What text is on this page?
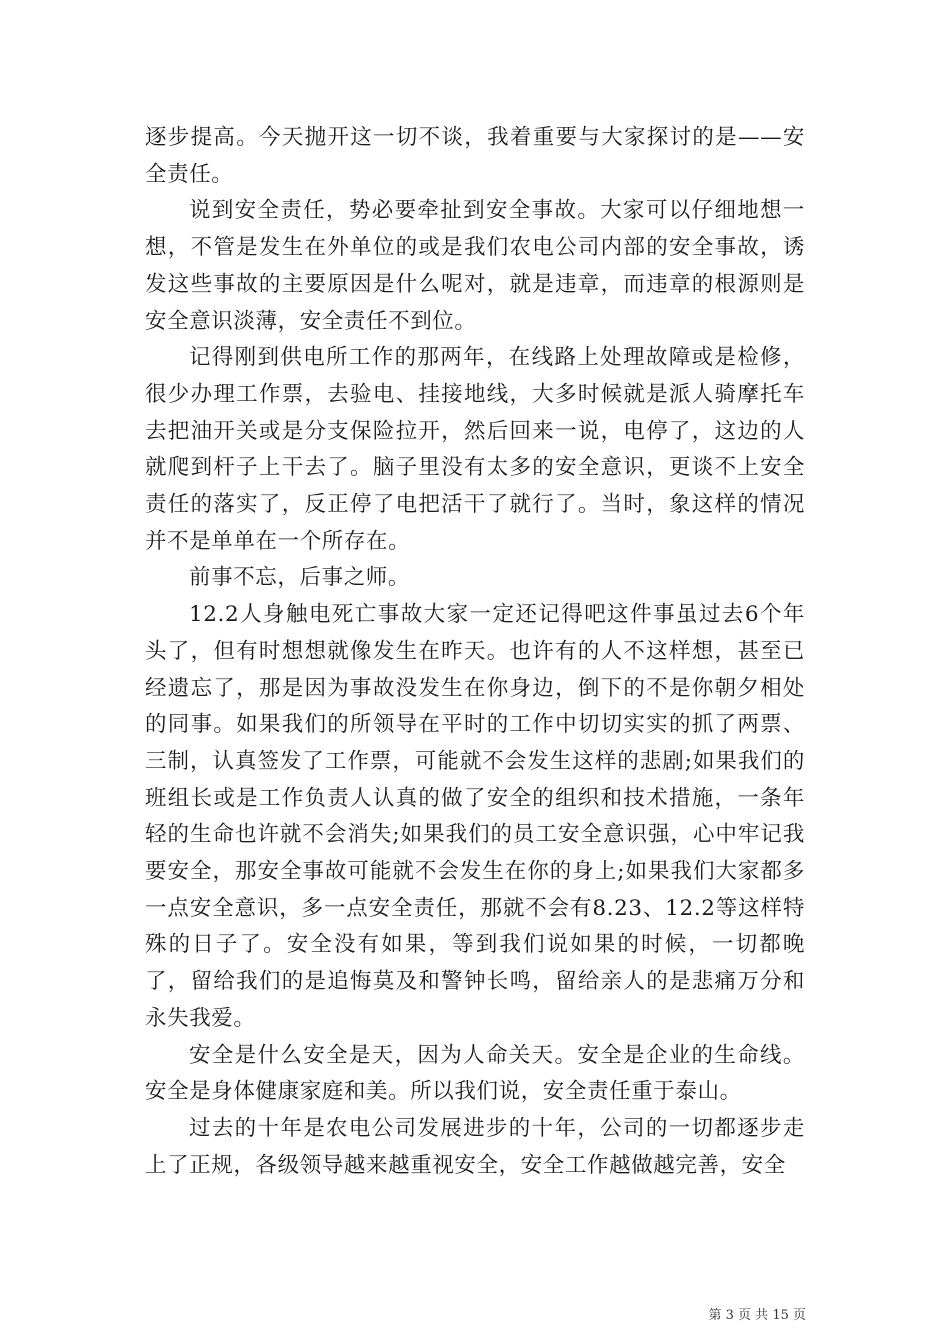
逐步提高。今天抛开这一切不谈，我着重要与大家探讨的是——安全责任。

说到安全责任，势必要牵扯到安全事故。大家可以仔细地想一想，不管是发生在外单位的或是我们农电公司内部的安全事故，诱发这些事故的主要原因是什么呢对，就是违章，而违章的根源则是安全意识淡薄，安全责任不到位。

记得刚到供电所工作的那两年，在线路上处理故障或是检修，很少办理工作票，去验电、挂接地线，大多时候就是派人骑摩托车去把油开关或是分支保险拉开，然后回来一说，电停了，这边的人就爬到杆子上干去了。脑子里没有太多的安全意识，更谈不上安全责任的落实了，反正停了电把活干了就行了。当时，象这样的情况并不是单单在一个所存在。

前事不忘，后事之师。

12.2人身触电死亡事故大家一定还记得吧这件事虽过去6个年头了，但有时想想就像发生在昨天。也许有的人不这样想，甚至已经遗忘了，那是因为事故没发生在你身边，倒下的不是你朝夕相处的同事。如果我们的所领导在平时的工作中切切实实的抓了两票、三制，认真签发了工作票，可能就不会发生这样的悲剧;如果我们的班组长或是工作负责人认真的做了安全的组织和技术措施，一条年轻的生命也许就不会消失;如果我们的员工安全意识强，心中牢记我要安全，那安全事故可能就不会发生在你的身上;如果我们大家都多一点安全意识，多一点安全责任，那就不会有8.23、12.2等这样特殊的日子了。安全没有如果，等到我们说如果的时候，一切都晚了，留给我们的是追悔莫及和警钟长鸣，留给亲人的是悲痛万分和永失我爱。

安全是什么安全是天，因为人命关天。安全是企业的生命线。安全是身体健康家庭和美。所以我们说，安全责任重于泰山。

过去的十年是农电公司发展进步的十年，公司的一切都逐步走上了正规，各级领导越来越重视安全，安全工作越做越完善，安全

第 3 页 共 15 页
